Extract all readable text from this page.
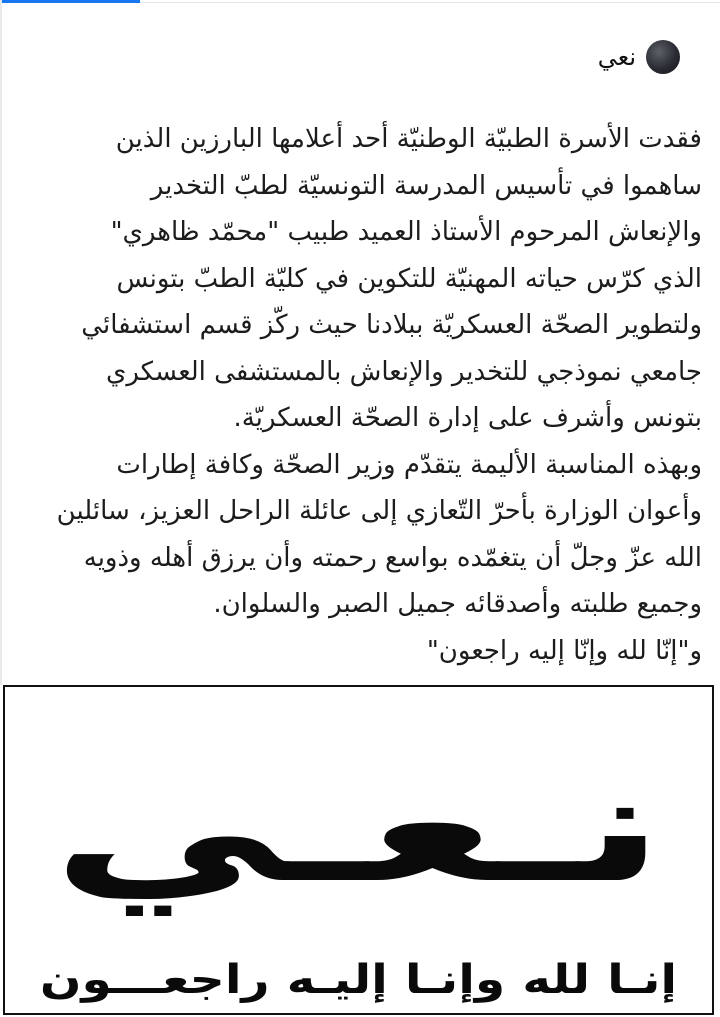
نعي
فقدت الأسرة الطبيّة الوطنيّة أحد أعلامها البارزين الذين
ساهموا في تأسيس المدرسة التونسيّة لطبّ التخدير
والإنعاش المرحوم الأستاذ العميد طبيب "محمّد ظاهري"
الذي كرّس حياته المهنيّة للتكوين في كليّة الطبّ بتونس
ولتطوير الصحّة العسكريّة ببلادنا حيث ركّز قسم استشفائي
جامعي نموذجي للتخدير والإنعاش بالمستشفى العسكري
بتونس وأشرف على إدارة الصحّة العسكريّة.
وبهذه المناسبة الأليمة يتقدّم وزير الصحّة وكافة إطارات
وأعوان الوزارة بأحرّ التّعازي إلى عائلة الراحل العزيز، سائلين
الله عزّ وجلّ أن يتغمّده بواسع رحمته وأن يرزق أهله وذويه
وجميع طلبته وأصدقائه جميل الصبر والسلوان.
و"إنّا لله وإنّا إليه راجعون"
نـعـي
إنـا لله وإنـا إليـه راجعـــون
